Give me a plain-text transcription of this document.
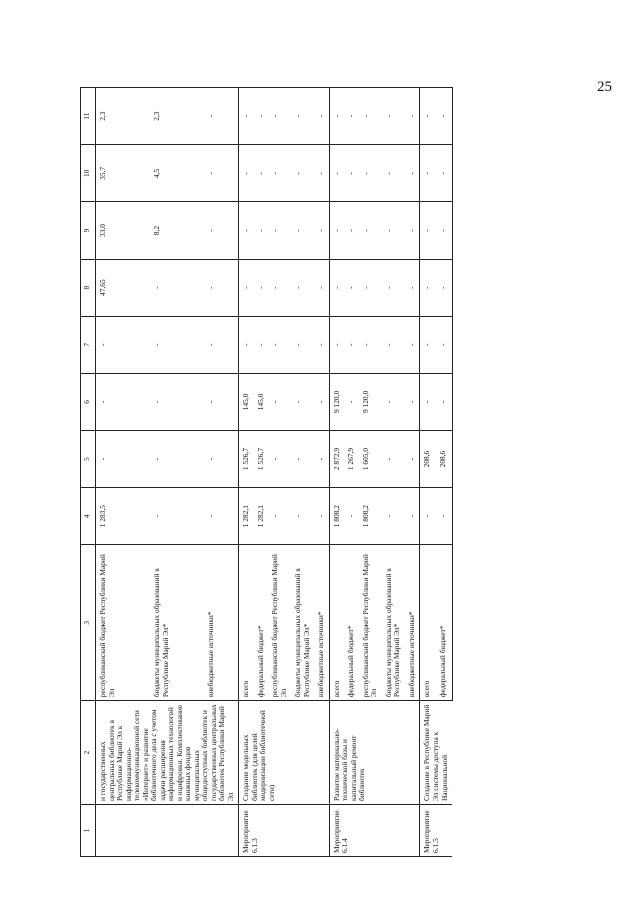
25
1	2	3	4	5	6	7	8	9	10	11
	и государственных центральных библиотек в Республике Марий Эл к информационно-телекоммуникационной сети «Интернет» и развитие библиотечного дела с учетом задачи расширения информационных технологий и оцифровки. Комплектование книжных фондов муниципальных общедоступных библиотек и государственных центральных библиотек Республики Марий Эл	республиканский бюджет Республики Марий Эл	1 283,5	-	-	-	47,65	33,0	35,7	2,3
		бюджеты муниципальных образований в Республике Марий Эл*	-	-	-	-	-	8,2	4,5	2,3
		внебюджетные источники*	-	-	-	-	-	-	-	-
Мероприятие 6.1.3	Создание модельных библиотек (для целей модернизации библиотечной сети)	всего	1 282,1	1 526,7	145,0	-	-	-	-	-
		федеральный бюджет*	1 282,1	1 526,7	145,0	-	-	-	-	-
		республиканский бюджет Республики Марий Эл	-	-	-	-	-	-	-	-
		бюджеты муниципальных образований в Республике Марий Эл*	-	-	-	-	-	-	-	-
		внебюджетные источники*	-	-	-	-	-	-	-	-
Мероприятие 6.1.4	Развитие материально-технической базы и капитальный ремонт библиотек	всего	1 808,2	2 872,9	9 120,0	-	-	-	-	-
		федеральный бюджет*	-	1 267,9	-	-	-	-	-	-
		республиканский бюджет Республики Марий Эл	1 808,2	1 605,0	9 120,0	-	-	-	-	-
		бюджеты муниципальных образований в Республике Марий Эл*	-	-	-	-	-	-	-	-
		внебюджетные источники*	-	-	-	-	-	-	-	-
Мероприятие 6.1.5	Создание в Республике Марий Эл системы доступа к Национальной	всего	-	208,6	-	-	-	-	-	-
		федеральный бюджет*	-	208,6	-	-	-	-	-	-
